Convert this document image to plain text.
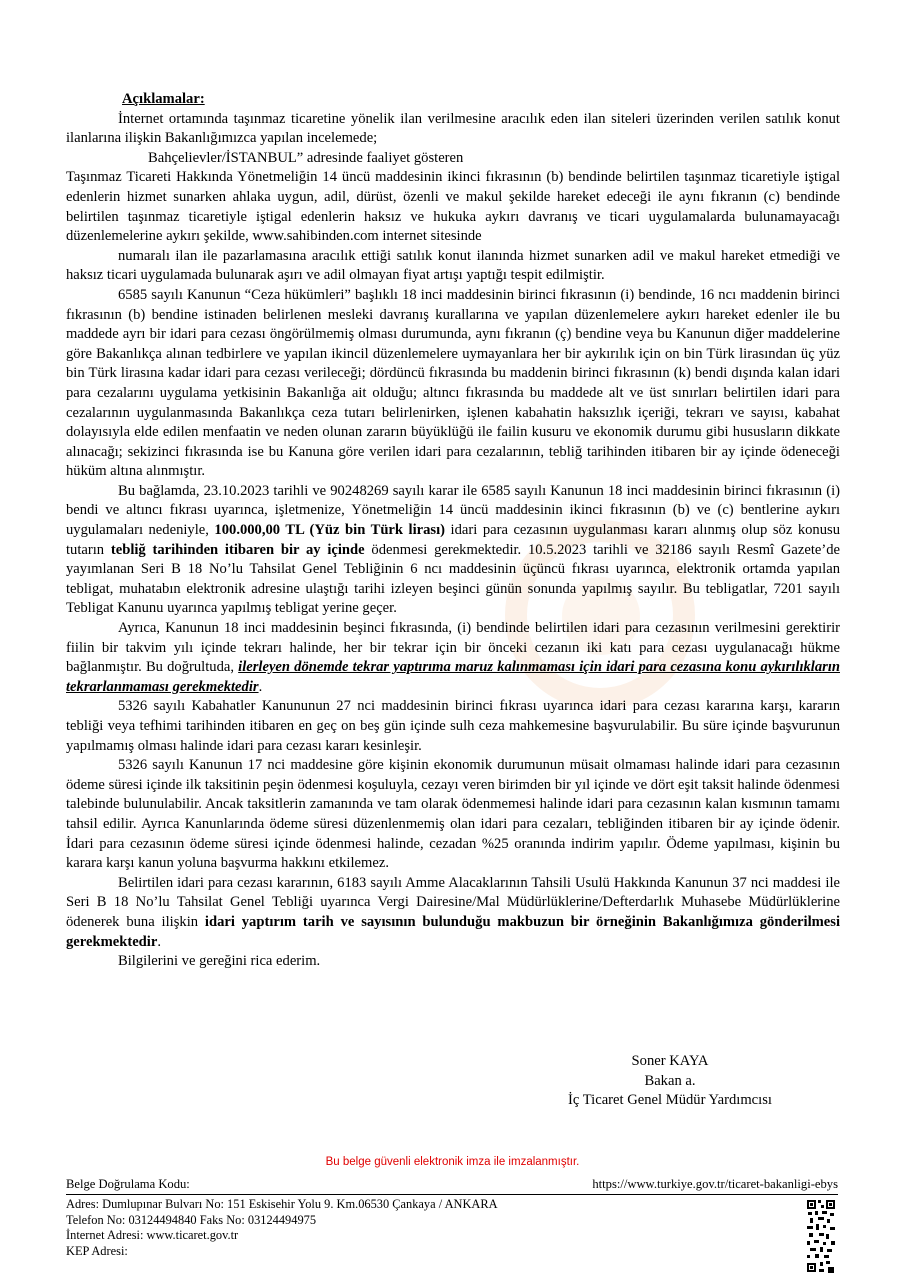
Açıklamalar:

İnternet ortamında taşınmaz ticaretine yönelik ilan verilmesine aracılık eden ilan siteleri üzerinden verilen satılık konut ilanlarına ilişkin Bakanlığımızca yapılan incelemede;

Bahçelievler/İSTANBUL” adresinde faaliyet gösteren

Taşınmaz Ticareti Hakkında Yönetmeliğin 14 üncü maddesinin ikinci fıkrasının (b) bendinde belirtilen taşınmaz ticaretiyle iştigal edenlerin hizmet sunarken ahlaka uygun, adil, dürüst, özenli ve makul şekilde hareket edeceği ile aynı fıkranın (c) bendinde belirtilen taşınmaz ticaretiyle iştigal edenlerin haksız ve hukuka aykırı davranış ve ticari uygulamalarda bulunamayacağı düzenlemelerine aykırı şekilde, www.sahibinden.com internet sitesinde

numaralı ilan ile pazarlamasına aracılık ettiği satılık konut ilanında hizmet sunarken adil ve makul hareket etmediği ve haksız ticari uygulamada bulunarak aşırı ve adil olmayan fiyat artışı yaptığı tespit edilmiştir.

6585 sayılı Kanunun “Ceza hükümleri” başlıklı 18 inci maddesinin birinci fıkrasının (i) bendinde, 16 ncı maddenin birinci fıkrasının (b) bendine istinaden belirlenen mesleki davranış kurallarına ve yapılan düzenlemelere aykırı hareket edenler ile bu maddede ayrı bir idari para cezası öngörülmemiş olması durumunda, aynı fıkranın (ç) bendine veya bu Kanunun diğer maddelerine göre Bakanlıkça alınan tedbirlere ve yapılan ikincil düzenlemelere uymayanlara her bir aykırılık için on bin Türk lirasından üç yüz bin Türk lirasına kadar idari para cezası verileceği; dördüncü fıkrasında bu maddenin birinci fıkrasının (k) bendi dışında kalan idari para cezalarını uygulama yetkisinin Bakanlığa ait olduğu; altıncı fıkrasında bu maddede alt ve üst sınırları belirtilen idari para cezalarının uygulanmasında Bakanlıkça ceza tutarı belirlenirken, işlenen kabahatin haksızlık içeriği, tekrarı ve sayısı, kabahat dolayısıyla elde edilen menfaatin ve neden olunan zararın büyüklüğü ile failin kusuru ve ekonomik durumu gibi hususların dikkate alınacağı; sekizinci fıkrasında ise bu Kanuna göre verilen idari para cezalarının, tebliğ tarihinden itibaren bir ay içinde ödeneceği hüküm altına alınmıştır.

Bu bağlamda, 23.10.2023 tarihli ve 90248269 sayılı karar ile 6585 sayılı Kanunun 18 inci maddesinin birinci fıkrasının (i) bendi ve altıncı fıkrası uyarınca, işletmenize, Yönetmeliğin 14 üncü maddesinin ikinci fıkrasının (b) ve (c) bentlerine aykırı uygulamaları nedeniyle, 100.000,00 TL (Yüz bin Türk lirası) idari para cezasının uygulanması kararı alınmış olup söz konusu tutarın tebliğ tarihinden itibaren bir ay içinde ödenmesi gerekmektedir. 10.5.2023 tarihli ve 32186 sayılı Resmî Gazete’de yayımlanan Seri B 18 No’lu Tahsilat Genel Tebliğinin 6 ncı maddesinin üçüncü fıkrası uyarınca, elektronik ortamda yapılan tebligat, muhatabın elektronik adresine ulaştığı tarihi izleyen beşinci günün sonunda yapılmış sayılır. Bu tebligatlar, 7201 sayılı Tebligat Kanunu uyarınca yapılmış tebligat yerine geçer.

Ayrıca, Kanunun 18 inci maddesinin beşinci fıkrasında, (i) bendinde belirtilen idari para cezasının verilmesini gerektirir fiilin bir takvim yılı içinde tekrarı halinde, her bir tekrar için bir önceki cezanın iki katı para cezası uygulanacağı hükme bağlanmıştır. Bu doğrultuda, ilerleyen dönemde tekrar yaptırıma maruz kalınmaması için idari para cezasına konu aykırılıkların tekrarlanmaması gerekmektedir.

5326 sayılı Kabahatler Kanununun 27 nci maddesinin birinci fıkrası uyarınca idari para cezası kararına karşı, kararın tebliği veya tefhimi tarihinden itibaren en geç on beş gün içinde sulh ceza mahkemesine başvurulabilir. Bu süre içinde başvurunun yapılmamış olması halinde idari para cezası kararı kesinleşir.

5326 sayılı Kanunun 17 nci maddesine göre kişinin ekonomik durumunun müsait olmaması halinde idari para cezasının ödeme süresi içinde ilk taksitinin peşin ödenmesi koşuluyla, cezayı veren birimden bir yıl içinde ve dört eşit taksit halinde ödenmesi talebinde bulunulabilir. Ancak taksitlerin zamanında ve tam olarak ödenmemesi halinde idari para cezasının kalan kısmının tamamı tahsil edilir. Ayrıca Kanunlarında ödeme süresi düzenlenmemiş olan idari para cezaları, tebliğinden itibaren bir ay içinde ödenir. İdari para cezasının ödeme süresi içinde ödenmesi halinde, cezadan %25 oranında indirim yapılır. Ödeme yapılması, kişinin bu karara karşı kanun yoluna başvurma hakkını etkilemez.

Belirtilen idari para cezası kararının, 6183 sayılı Amme Alacaklarının Tahsili Usulü Hakkında Kanunun 37 nci maddesi ile Seri B 18 No’lu Tahsilat Genel Tebliği uyarınca Vergi Dairesine/Mal Müdürlüklerine/Defterdarlık Muhasebe Müdürlüklerine ödenerek buna ilişkin idari yaptırım tarih ve sayısının bulunduğu makbuzun bir örneğinin Bakanlığımıza gönderilmesi gerekmektedir.

Bilgilerini ve gereğini rica ederim.

Soner KAYA
Bakan a.
İç Ticaret Genel Müdür Yardımcısı
Bu belge güvenli elektronik imza ile imzalanmıştır.
Belge Doğrulama Kodu:	https://www.turkiye.gov.tr/ticaret-bakanligi-ebys
Adres: Dumlupınar Bulvarı No: 151 Eskisehir Yolu 9. Km.06530 Çankaya / ANKARA
Telefon No: 03124494840 Faks No: 03124494975
İnternet Adresi: www.ticaret.gov.tr
KEP Adresi:
